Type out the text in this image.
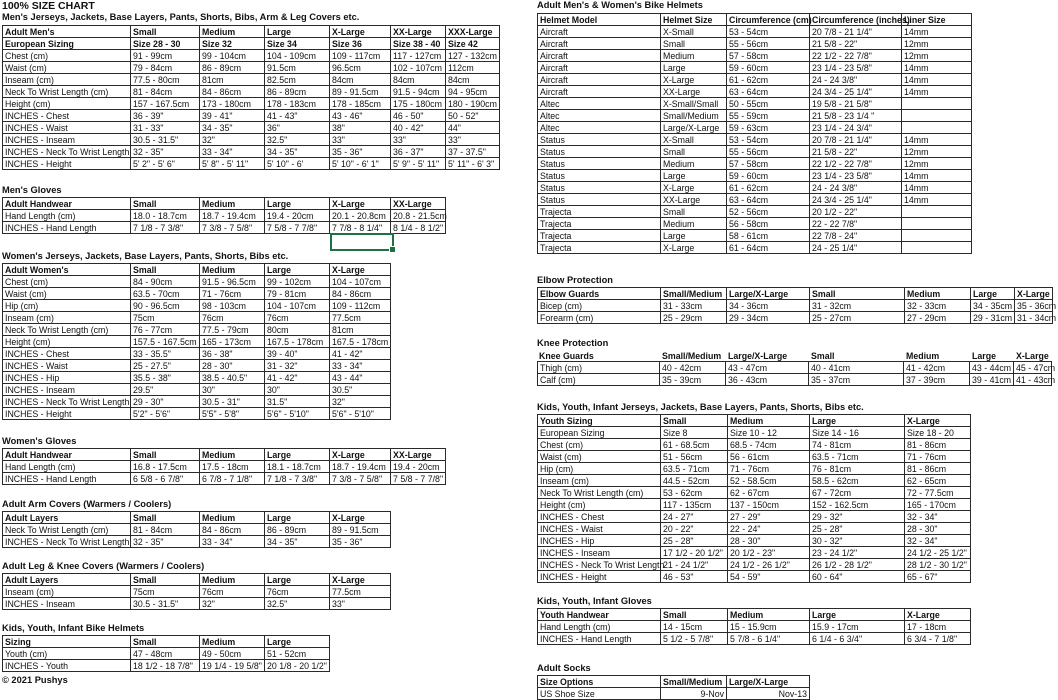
100% SIZE CHART
Men's Jerseys, Jackets, Base Layers, Pants, Shorts, Bibs, Arm & Leg Covers etc.
Adult Men's	Small	Medium	Large	X-Large	XX-Large	XXX-Large
European Sizing	Size 28 - 30	Size 32	Size 34	Size 36	Size 38 - 40	Size 42
Chest (cm)	91 - 99cm	99 - 104cm	104 - 109cm	109 - 117cm	117 - 127cm	127 - 132cm
Waist (cm)	79 - 84cm	86 - 89cm	91.5cm	96.5cm	102 - 107cm	112cm
Inseam (cm)	77.5 - 80cm	81cm	82.5cm	84cm	84cm	84cm
Neck To Wrist Length (cm)	81 - 84cm	84 - 86cm	86 - 89cm	89 - 91.5cm	91.5 - 94cm	94 - 95cm
Height (cm)	157 - 167.5cm	173 - 180cm	178 - 183cm	178 - 185cm	175 - 180cm	180 - 190cm
INCHES - Chest	36 - 39"	39 - 41"	41 - 43"	43 - 46"	46 - 50"	50 - 52"
INCHES - Waist	31 - 33"	34 - 35"	36"	38"	40 - 42"	44"
INCHES - Inseam	30.5 - 31.5"	32"	32.5"	33"	33"	33"
INCHES - Neck To Wrist Length	32 - 35"	33 - 34"	34 - 35"	35 - 36"	36 - 37"	37 - 37.5"
INCHES - Height	5' 2" - 5' 6"	5' 8" - 5' 11"	5' 10" - 6'	5' 10" - 6' 1"	5' 9" - 5' 11"	5' 11" - 6' 3"
Men's Gloves
Adult Handwear	Small	Medium	Large	X-Large	XX-Large
Hand Length (cm)	18.0 - 18.7cm	18.7 - 19.4cm	19.4 - 20cm	20.1 - 20.8cm	20.8 - 21.5cm
INCHES - Hand Length	7 1/8 - 7 3/8"	7 3/8 - 7 5/8"	7 5/8 - 7 7/8"	7 7/8 - 8 1/4"	8 1/4 - 8 1/2"
Women's Jerseys, Jackets, Base Layers, Pants, Shorts, Bibs etc.
Adult Women's	Small	Medium	Large	X-Large
Chest (cm)	84 - 90cm	91.5 - 96.5cm	99 - 102cm	104 - 107cm
Waist (cm)	63.5 - 70cm	71 - 76cm	79 - 81cm	84 - 86cm
Hip (cm)	90 - 96.5cm	98 - 103cm	104 - 107cm	109 - 112cm
Inseam (cm)	75cm	76cm	76cm	77.5cm
Neck To Wrist Length (cm)	76 - 77cm	77.5 - 79cm	80cm	81cm
Height (cm)	157.5 - 167.5cm	165 - 173cm	167.5 - 178cm	167.5 - 178cm
INCHES - Chest	33 - 35.5"	36 - 38"	39 - 40"	41 - 42"
INCHES - Waist	25 - 27.5"	28 - 30"	31 - 32"	33 - 34"
INCHES - Hip	35.5 - 38"	38.5 - 40.5"	41 - 42"	43 - 44"
INCHES - Inseam	29.5"	30"	30"	30.5"
INCHES - Neck To Wrist Length	29 - 30"	30.5 - 31"	31.5"	32"
INCHES - Height	5'2" - 5'6"	5'5" - 5'8"	5'6" - 5'10"	5'6" - 5'10"
Women's Gloves
Adult Handwear	Small	Medium	Large	X-Large	XX-Large
Hand Length (cm)	16.8 - 17.5cm	17.5 - 18cm	18.1 - 18.7cm	18.7 - 19.4cm	19.4 - 20cm
INCHES - Hand Length	6 5/8 - 6 7/8"	6 7/8 - 7 1/8"	7 1/8 - 7 3/8"	7 3/8 - 7 5/8"	7 5/8 - 7 7/8"
Adult Arm Covers (Warmers / Coolers)
Adult Layers	Small	Medium	Large	X-Large
Neck To Wrist Length (cm)	81 - 84cm	84 - 86cm	86 - 89cm	89 - 91.5cm
INCHES - Neck To Wrist Length	32 - 35"	33 - 34"	34 - 35"	35 - 36"
Adult Leg & Knee Covers (Warmers / Coolers)
Adult Layers	Small	Medium	Large	X-Large
Inseam (cm)	75cm	76cm	76cm	77.5cm
INCHES - Inseam	30.5 - 31.5"	32"	32.5"	33"
Kids, Youth, Infant Bike Helmets
Sizing	Small	Medium	Large
Youth (cm)	47 - 48cm	49 - 50cm	51 - 52cm
INCHES - Youth	18 1/2 - 18 7/8"	19 1/4 - 19 5/8"	20 1/8 - 20 1/2"
© 2021 Pushys
Adult Men's & Women's Bike Helmets
Helmet Model	Helmet Size	Circumference (cm)	Circumference (inches)	Liner Size
Aircraft	X-Small	53 - 54cm	20 7/8 - 21 1/4"	14mm
Aircraft	Small	55 - 56cm	21 5/8 - 22"	12mm
Aircraft	Medium	57 - 58cm	22 1/2 - 22 7/8"	12mm
Aircraft	Large	59 - 60cm	23 1/4 - 23 5/8"	14mm
Aircraft	X-Large	61 - 62cm	24 - 24 3/8"	14mm
Aircraft	XX-Large	63 - 64cm	24 3/4 - 25 1/4"	14mm
Altec	X-Small/Small	50 - 55cm	19 5/8 - 21 5/8"	
Altec	Small/Medium	55 - 59cm	21 5/8 - 23 1/4 "	
Altec	Large/X-Large	59 - 63cm	23 1/4 - 24 3/4"	
Status	X-Small	53 - 54cm	20 7/8 - 21 1/4"	14mm
Status	Small	55 - 56cm	21 5/8 - 22"	12mm
Status	Medium	57 - 58cm	22 1/2 - 22 7/8"	12mm
Status	Large	59 - 60cm	23 1/4 - 23 5/8"	14mm
Status	X-Large	61 - 62cm	24 - 24 3/8"	14mm
Status	XX-Large	63 - 64cm	24 3/4 - 25 1/4"	14mm
Trajecta	Small	52 - 56cm	20 1/2 - 22"	
Trajecta	Medium	56 - 58cm	22 - 22 7/8"	
Trajecta	Large	58 - 61cm	22 7/8 - 24"	
Trajecta	X-Large	61 - 64cm	24 - 25 1/4"	
Elbow Protection
Elbow Guards	Small/Medium	Large/X-Large	Small	Medium	Large	X-Large
Bicep (cm)	31 - 33cm	34 - 36cm	31 - 32cm	32 - 33cm	34 - 35cm	35 - 36cm
Forearm (cm)	25 - 29cm	29 - 34cm	25 - 27cm	27 - 29cm	29 - 31cm	31 - 34cm
Knee Protection
Knee Guards	Small/Medium	Large/X-Large	Small	Medium	Large	X-Large
Thigh (cm)	40 - 42cm	43 - 47cm	40 - 41cm	41 - 42cm	43 - 44cm	45 - 47cm
Calf (cm)	35 - 39cm	36 - 43cm	35 - 37cm	37 - 39cm	39 - 41cm	41 - 43cm
Kids, Youth, Infant Jerseys, Jackets, Base Layers, Pants, Shorts, Bibs etc.
Youth Sizing	Small	Medium	Large	X-Large
European Sizing	Size 8	Size 10 - 12	Size 14 - 16	Size 18 - 20
Chest (cm)	61 - 68.5cm	68.5 - 74cm	74 - 81cm	81 - 86cm
Waist (cm)	51 - 56cm	56 - 61cm	63.5 - 71cm	71 - 76cm
Hip (cm)	63.5 - 71cm	71 - 76cm	76 - 81cm	81 - 86cm
Inseam (cm)	44.5 - 52cm	52 - 58.5cm	58.5 - 62cm	62 - 65cm
Neck To Wrist Length (cm)	53 - 62cm	62 - 67cm	67 - 72cm	72 - 77.5cm
Height (cm)	117 - 135cm	137 - 150cm	152 - 162.5cm	165 - 170cm
INCHES - Chest	24 - 27"	27 - 29"	29 - 32"	32 - 34"
INCHES - Waist	20 - 22"	22 - 24"	25 - 28"	28 - 30"
INCHES - Hip	25 - 28"	28 - 30"	30 - 32"	32 - 34"
INCHES - Inseam	17 1/2 - 20 1/2"	20 1/2 - 23"	23 - 24 1/2"	24 1/2 - 25 1/2"
INCHES - Neck To Wrist Length	21 - 24 1/2"	24 1/2 - 26 1/2"	26 1/2 - 28 1/2"	28 1/2 - 30 1/2"
INCHES - Height	46 - 53"	54 - 59"	60 - 64"	65 - 67"
Kids, Youth, Infant Gloves
Youth Handwear	Small	Medium	Large	X-Large
Hand Length (cm)	14 - 15cm	15 - 15.9cm	15.9 - 17cm	17 - 18cm
INCHES - Hand Length	5 1/2 - 5 7/8"	5 7/8 - 6 1/4"	6 1/4 - 6 3/4"	6 3/4 - 7 1/8"
Adult Socks
Size Options	Small/Medium	Large/X-Large
US Shoe Size	9-Nov	Nov-13
